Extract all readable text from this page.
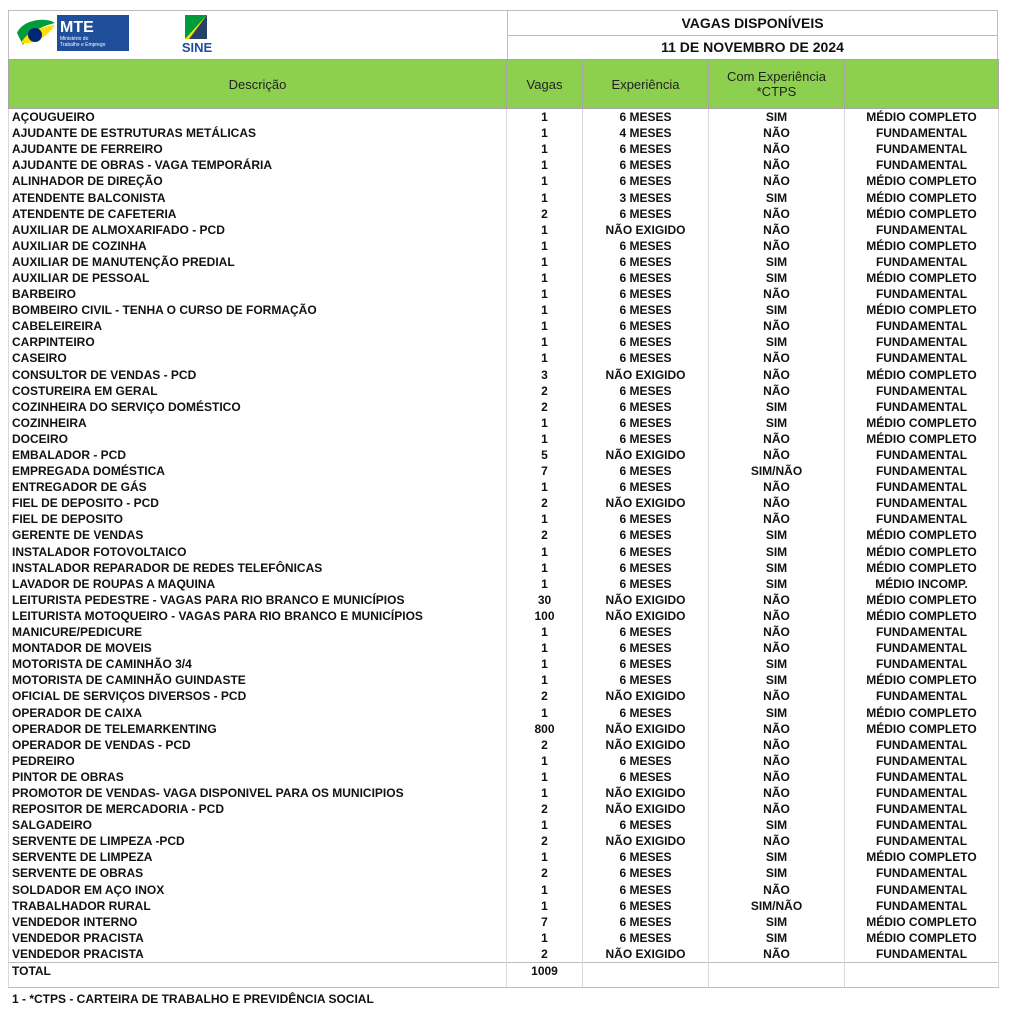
MTE
Ministério do
Trabalho e Emprego	SINE
VAGAS DISPONÍVEIS
11 DE NOVEMBRO DE 2024
Descrição	Vagas	Experiência	Com Experiência *CTPS	
AÇOUGUEIRO	1	6 MESES	SIM	MÉDIO COMPLETO
AJUDANTE DE ESTRUTURAS METÁLICAS	1	4 MESES	NÃO	FUNDAMENTAL
AJUDANTE DE FERREIRO	1	6 MESES	NÃO	FUNDAMENTAL
AJUDANTE DE OBRAS - VAGA TEMPORÁRIA	1	6 MESES	NÃO	FUNDAMENTAL
ALINHADOR DE DIREÇÃO	1	6 MESES	NÃO	MÉDIO COMPLETO
ATENDENTE BALCONISTA	1	3 MESES	SIM	MÉDIO COMPLETO
ATENDENTE DE CAFETERIA	2	6 MESES	NÃO	MÉDIO COMPLETO
AUXILIAR DE ALMOXARIFADO - PCD	1	NÃO EXIGIDO	NÃO	FUNDAMENTAL
AUXILIAR DE COZINHA	1	6 MESES	NÃO	MÉDIO COMPLETO
AUXILIAR DE MANUTENÇÃO PREDIAL	1	6 MESES	SIM	FUNDAMENTAL
AUXILIAR DE PESSOAL	1	6 MESES	SIM	MÉDIO COMPLETO
BARBEIRO	1	6 MESES	NÃO	FUNDAMENTAL
BOMBEIRO CIVIL - TENHA O CURSO DE FORMAÇÃO	1	6 MESES	SIM	MÉDIO COMPLETO
CABELEIREIRA	1	6 MESES	NÃO	FUNDAMENTAL
CARPINTEIRO	1	6 MESES	SIM	FUNDAMENTAL
CASEIRO	1	6 MESES	NÃO	FUNDAMENTAL
CONSULTOR DE VENDAS - PCD	3	NÃO EXIGIDO	NÃO	MÉDIO COMPLETO
COSTUREIRA EM GERAL	2	6 MESES	NÃO	FUNDAMENTAL
COZINHEIRA DO SERVIÇO DOMÉSTICO	2	6 MESES	SIM	FUNDAMENTAL
COZINHEIRA	1	6 MESES	SIM	MÉDIO COMPLETO
DOCEIRO	1	6 MESES	NÃO	MÉDIO COMPLETO
EMBALADOR - PCD	5	NÃO EXIGIDO	NÃO	FUNDAMENTAL
EMPREGADA DOMÉSTICA	7	6 MESES	SIM/NÃO	FUNDAMENTAL
ENTREGADOR DE GÁS	1	6 MESES	NÃO	FUNDAMENTAL
FIEL DE DEPOSITO - PCD	2	NÃO EXIGIDO	NÃO	FUNDAMENTAL
FIEL DE DEPOSITO	1	6 MESES	NÃO	FUNDAMENTAL
GERENTE DE VENDAS	2	6 MESES	SIM	MÉDIO COMPLETO
INSTALADOR FOTOVOLTAICO	1	6 MESES	SIM	MÉDIO COMPLETO
INSTALADOR REPARADOR DE REDES TELEFÔNICAS	1	6 MESES	SIM	MÉDIO COMPLETO
LAVADOR DE ROUPAS A MAQUINA	1	6 MESES	SIM	MÉDIO INCOMP.
LEITURISTA PEDESTRE - VAGAS PARA RIO BRANCO E MUNICÍPIOS	30	NÃO EXIGIDO	NÃO	MÉDIO COMPLETO
LEITURISTA MOTOQUEIRO - VAGAS PARA RIO BRANCO E MUNICÍPIOS	100	NÃO EXIGIDO	NÃO	MÉDIO COMPLETO
MANICURE/PEDICURE	1	6 MESES	NÃO	FUNDAMENTAL
MONTADOR DE MOVEIS	1	6 MESES	NÃO	FUNDAMENTAL
MOTORISTA DE CAMINHÃO 3/4	1	6 MESES	SIM	FUNDAMENTAL
MOTORISTA DE CAMINHÃO GUINDASTE	1	6 MESES	SIM	MÉDIO COMPLETO
OFICIAL DE SERVIÇOS DIVERSOS - PCD	2	NÃO EXIGIDO	NÃO	FUNDAMENTAL
OPERADOR DE CAIXA	1	6 MESES	SIM	MÉDIO COMPLETO
OPERADOR DE TELEMARKENTING	800	NÃO EXIGIDO	NÃO	MÉDIO COMPLETO
OPERADOR DE VENDAS - PCD	2	NÃO EXIGIDO	NÃO	FUNDAMENTAL
PEDREIRO	1	6 MESES	NÃO	FUNDAMENTAL
PINTOR DE OBRAS	1	6 MESES	NÃO	FUNDAMENTAL
PROMOTOR DE VENDAS- VAGA DISPONIVEL PARA OS MUNICIPIOS	1	NÃO EXIGIDO	NÃO	FUNDAMENTAL
REPOSITOR DE MERCADORIA - PCD	2	NÃO EXIGIDO	NÃO	FUNDAMENTAL
SALGADEIRO	1	6 MESES	SIM	FUNDAMENTAL
SERVENTE DE LIMPEZA -PCD	2	NÃO EXIGIDO	NÃO	FUNDAMENTAL
SERVENTE DE LIMPEZA	1	6 MESES	SIM	MÉDIO COMPLETO
SERVENTE DE OBRAS	2	6 MESES	SIM	FUNDAMENTAL
SOLDADOR EM AÇO INOX	1	6 MESES	NÃO	FUNDAMENTAL
TRABALHADOR RURAL	1	6 MESES	SIM/NÃO	FUNDAMENTAL
VENDEDOR INTERNO	7	6 MESES	SIM	MÉDIO COMPLETO
VENDEDOR PRACISTA	1	6 MESES	SIM	MÉDIO COMPLETO
VENDEDOR PRACISTA	2	NÃO EXIGIDO	NÃO	FUNDAMENTAL
TOTAL	1009			

1 - *CTPS - CARTEIRA DE TRABALHO E PREVIDÊNCIA SOCIAL
